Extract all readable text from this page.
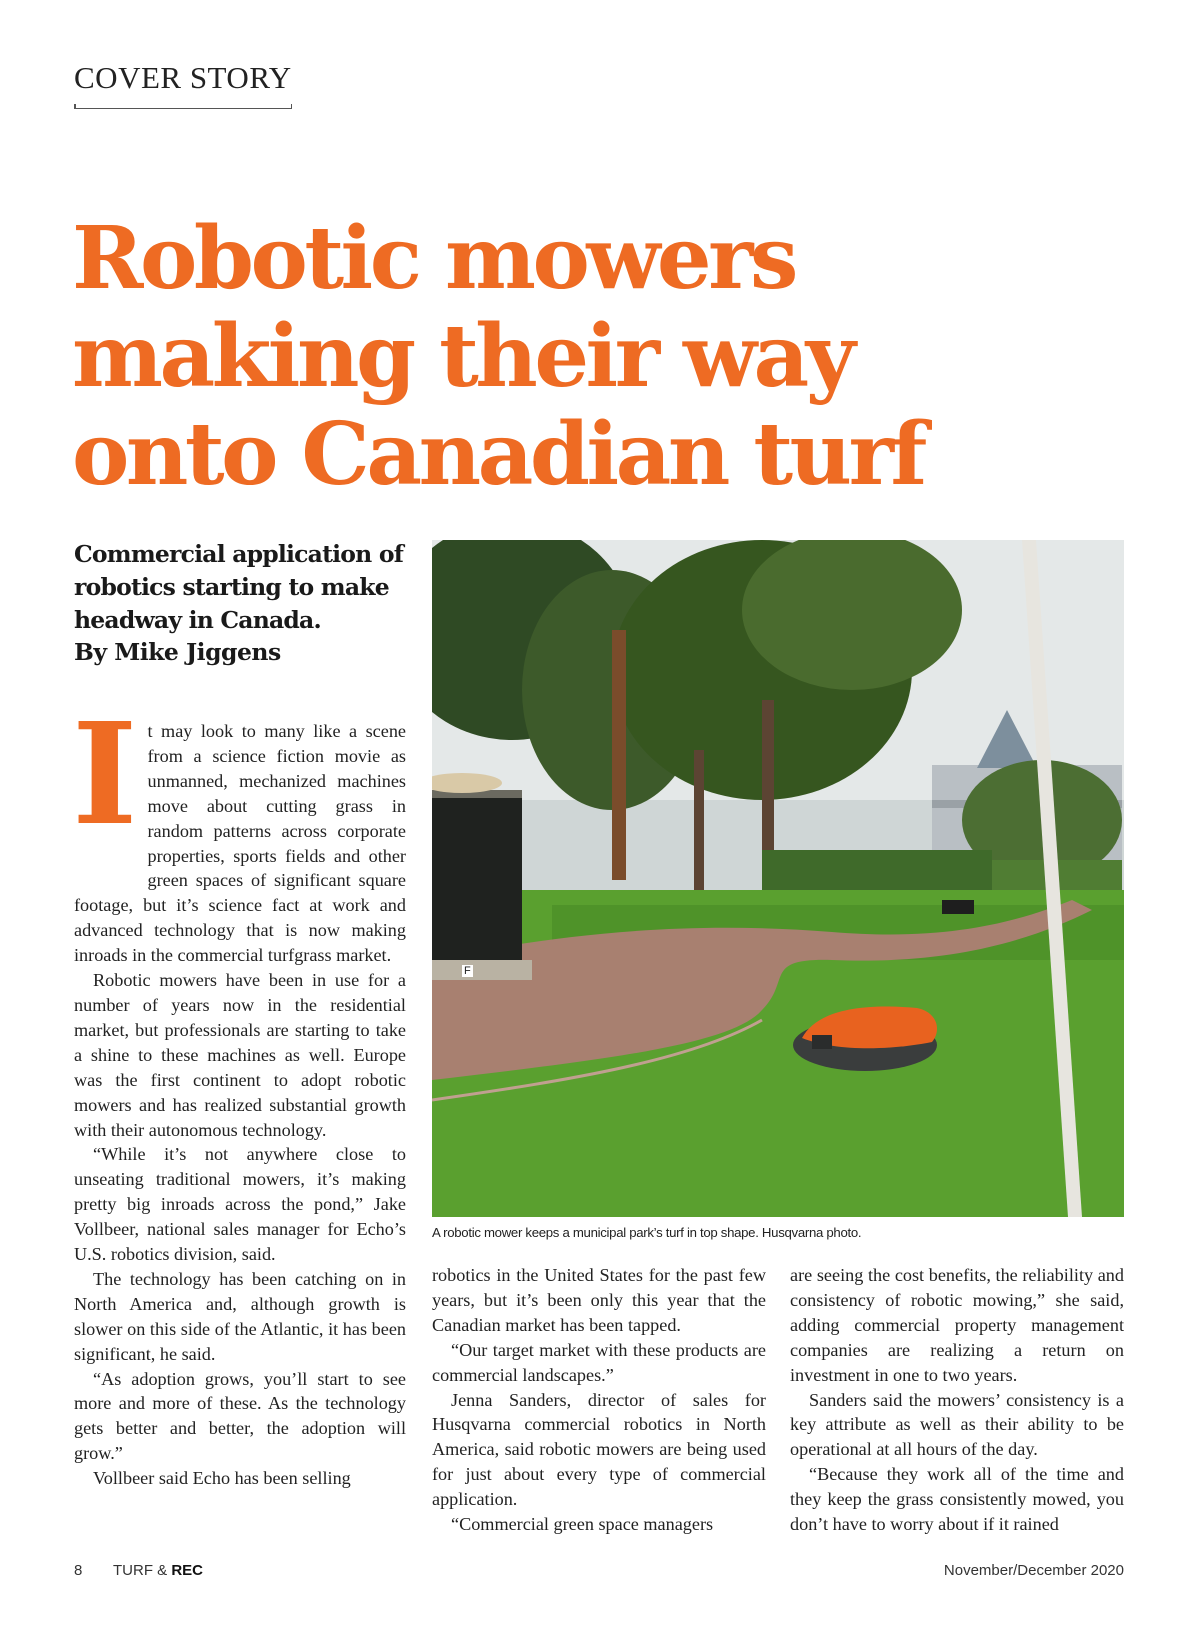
COVER STORY
Robotic mowers
making their way
onto Canadian turf

Commercial application of robotics starting to make headway in Canada.

By Mike Jiggens
I t may look to many like a scene from a science fiction movie as unmanned, mechanized machines move about cutting grass in random patterns across corporate properties, sports fields and other green spaces of significant square footage, but it’s science fact at work and advanced technology that is now making inroads in the commercial turfgrass market.

Robotic mowers have been in use for a number of years now in the residential market, but professionals are starting to take a shine to these machines as well. Europe was the first continent to adopt robotic mowers and has realized substantial growth with their autonomous technology.

“While it’s not anywhere close to unseating traditional mowers, it’s making pretty big inroads across the pond,” Jake Vollbeer, national sales manager for Echo’s U.S. robotics division, said.

The technology has been catching on in North America and, although growth is slower on this side of the Atlantic, it has been significant, he said.

“As adoption grows, you’ll start to see more and more of these. As the technology gets better and better, the adoption will grow.”

Vollbeer said Echo has been selling

F
A robotic mower keeps a municipal park’s turf in top shape. Husqvarna photo.

robotics in the United States for the past few years, but it’s been only this year that the Canadian market has been tapped.

“Our target market with these products are commercial landscapes.”

Jenna Sanders, director of sales for Husqvarna commercial robotics in North America, said robotic mowers are being used for just about every type of commercial application.

“Commercial green space managers

are seeing the cost benefits, the reliability and consistency of robotic mowing,” she said, adding commercial property management companies are realizing a return on investment in one to two years.

Sanders said the mowers’ consistency is a key attribute as well as their ability to be operational at all hours of the day.

“Because they work all of the time and they keep the grass consistently mowed, you don’t have to worry about if it rained

8 TURF & REC	November/December 2020
